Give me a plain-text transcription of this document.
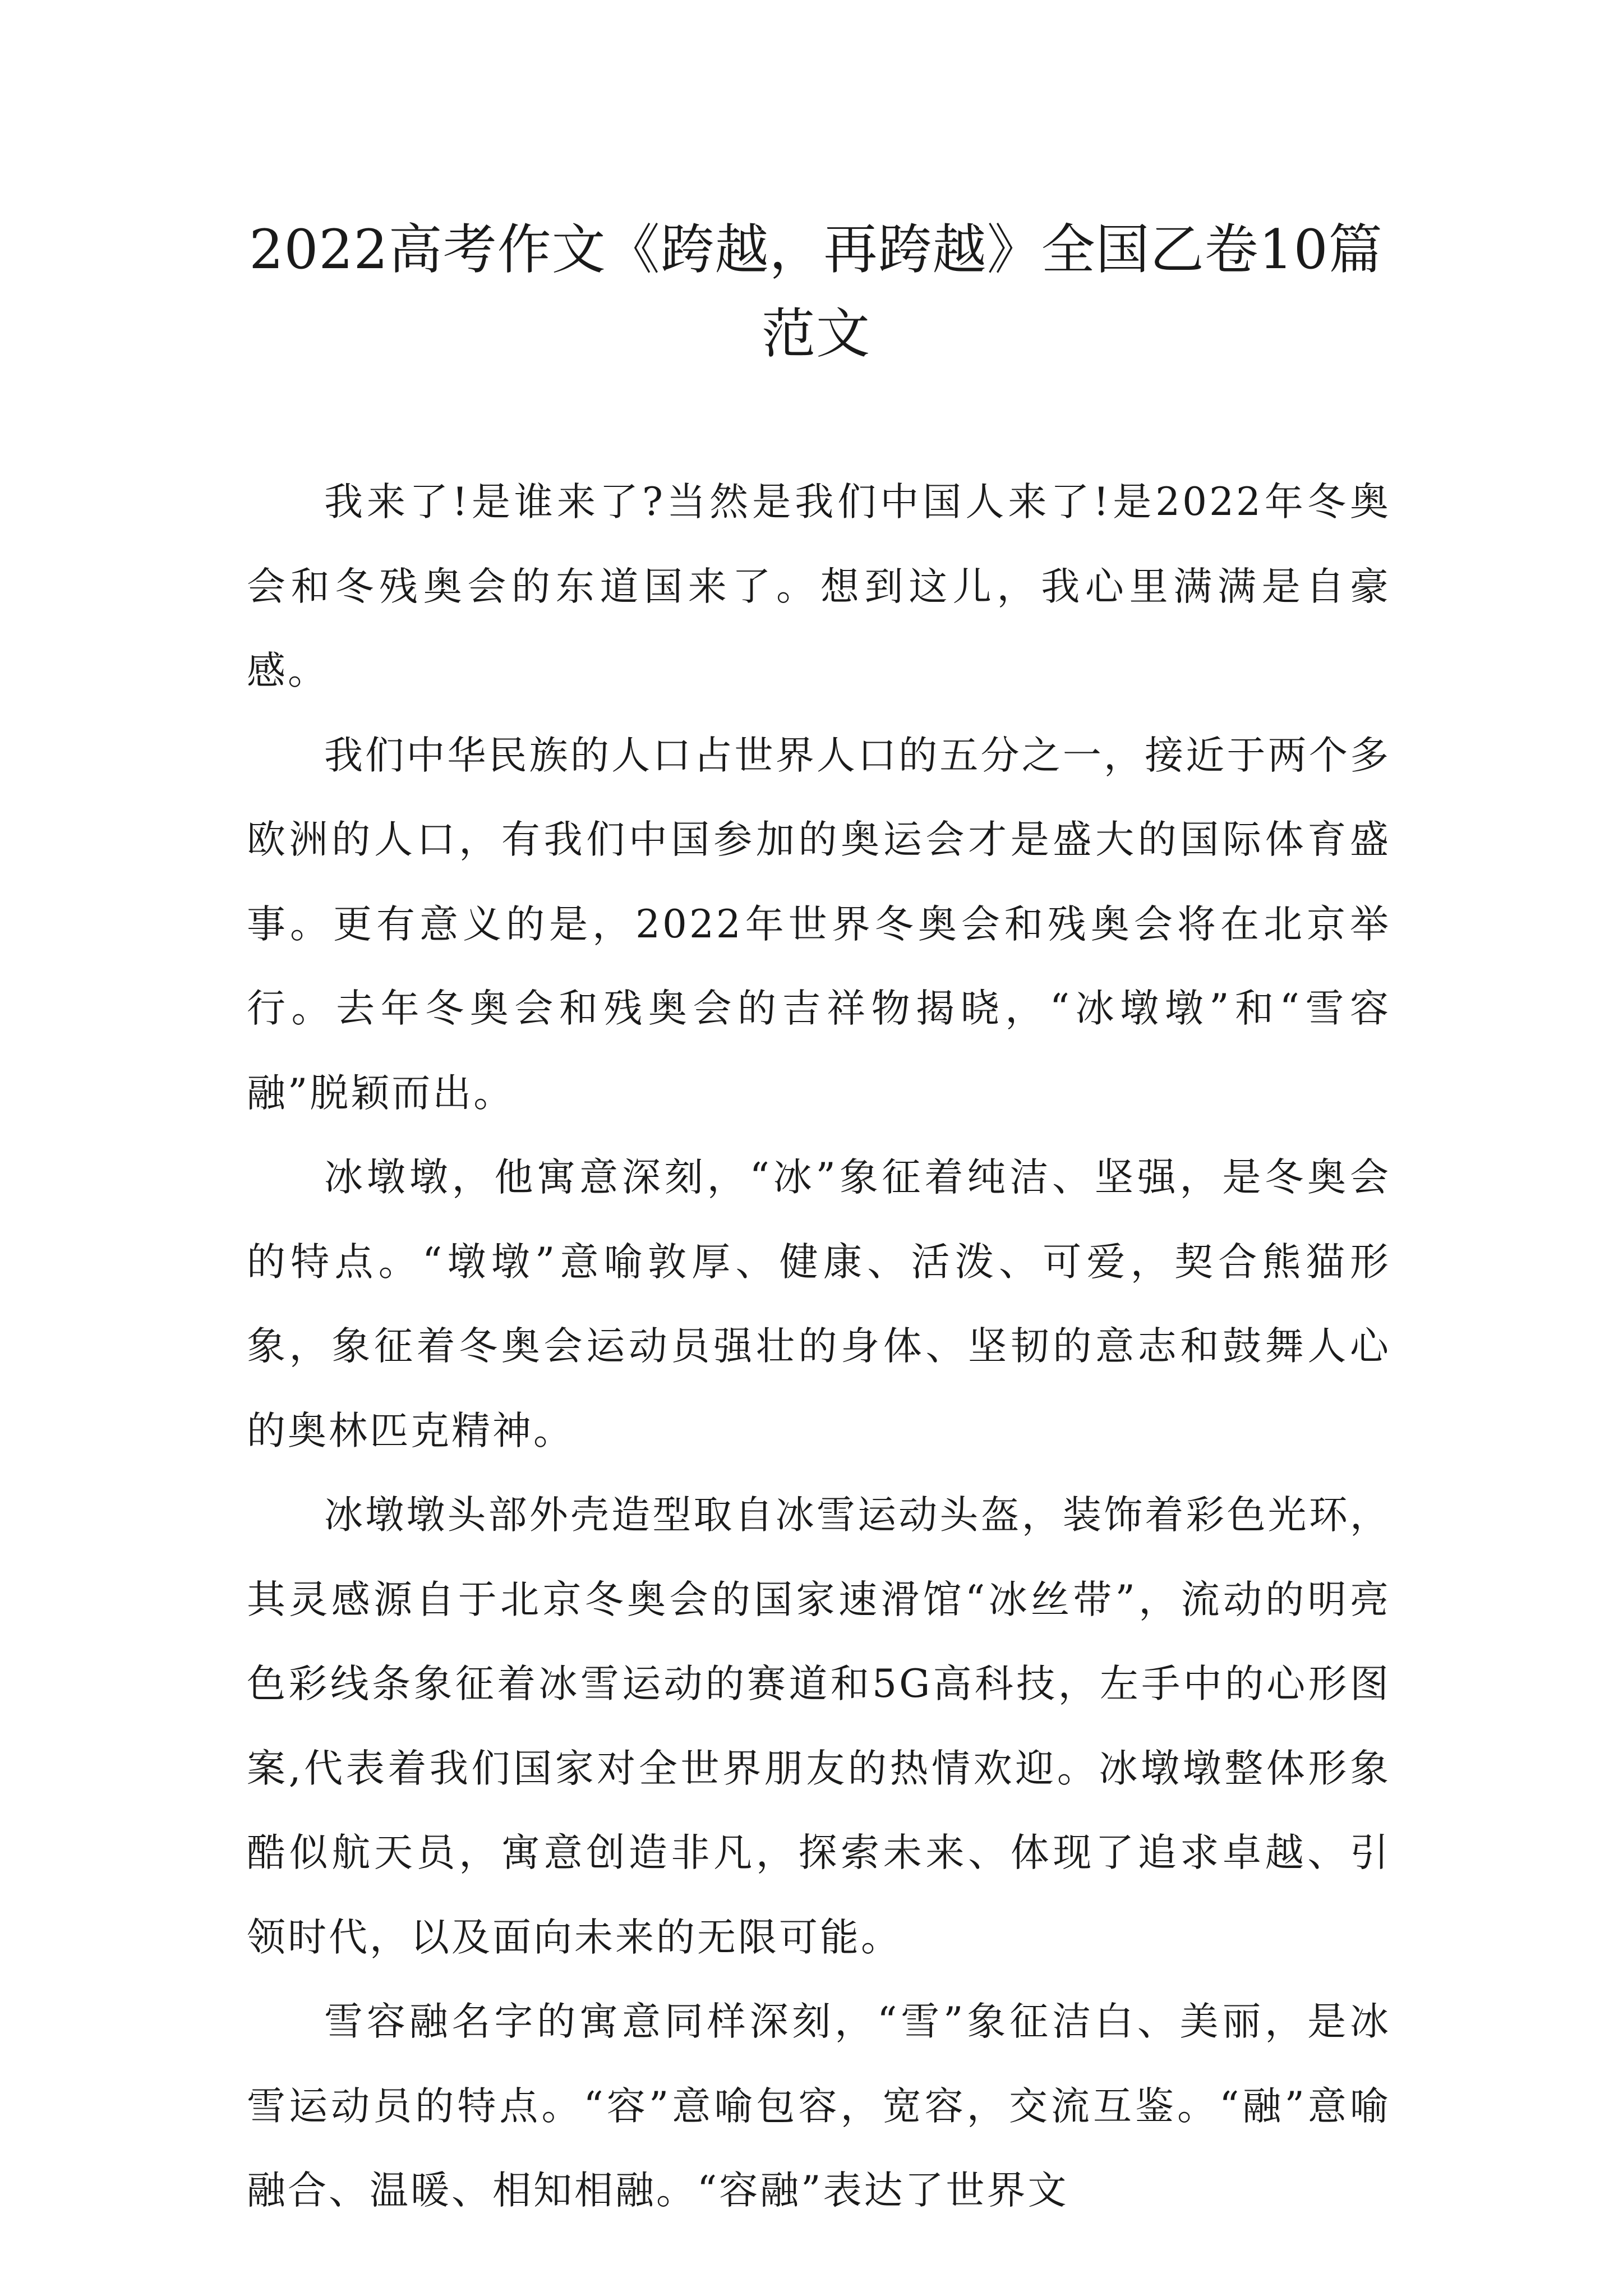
2022高考作文《跨越，再跨越》全国乙卷10篇范文

我来了!是谁来了?当然是我们中国人来了!是2022年冬奥会和冬残奥会的东道国来了。想到这儿，我心里满满是自豪感。

我们中华民族的人口占世界人口的五分之一，接近于两个多欧洲的人口，有我们中国参加的奥运会才是盛大的国际体育盛事。更有意义的是，2022年世界冬奥会和残奥会将在北京举行。去年冬奥会和残奥会的吉祥物揭晓，“冰墩墩”和“雪容融”脱颖而出。

冰墩墩，他寓意深刻，“冰”象征着纯洁、坚强，是冬奥会的特点。“墩墩”意喻敦厚、健康、活泼、可爱，契合熊猫形象，象征着冬奥会运动员强壮的身体、坚韧的意志和鼓舞人心的奥林匹克精神。

冰墩墩头部外壳造型取自冰雪运动头盔，装饰着彩色光环，其灵感源自于北京冬奥会的国家速滑馆“冰丝带”，流动的明亮色彩线条象征着冰雪运动的赛道和5G高科技，左手中的心形图案,代表着我们国家对全世界朋友的热情欢迎。冰墩墩整体形象酷似航天员，寓意创造非凡，探索未来、体现了追求卓越、引领时代，以及面向未来的无限可能。

雪容融名字的寓意同样深刻，“雪”象征洁白、美丽，是冰雪运动员的特点。“容”意喻包容，宽容，交流互鉴。“融”意喻融合、温暖、相知相融。“容融”表达了世界文
